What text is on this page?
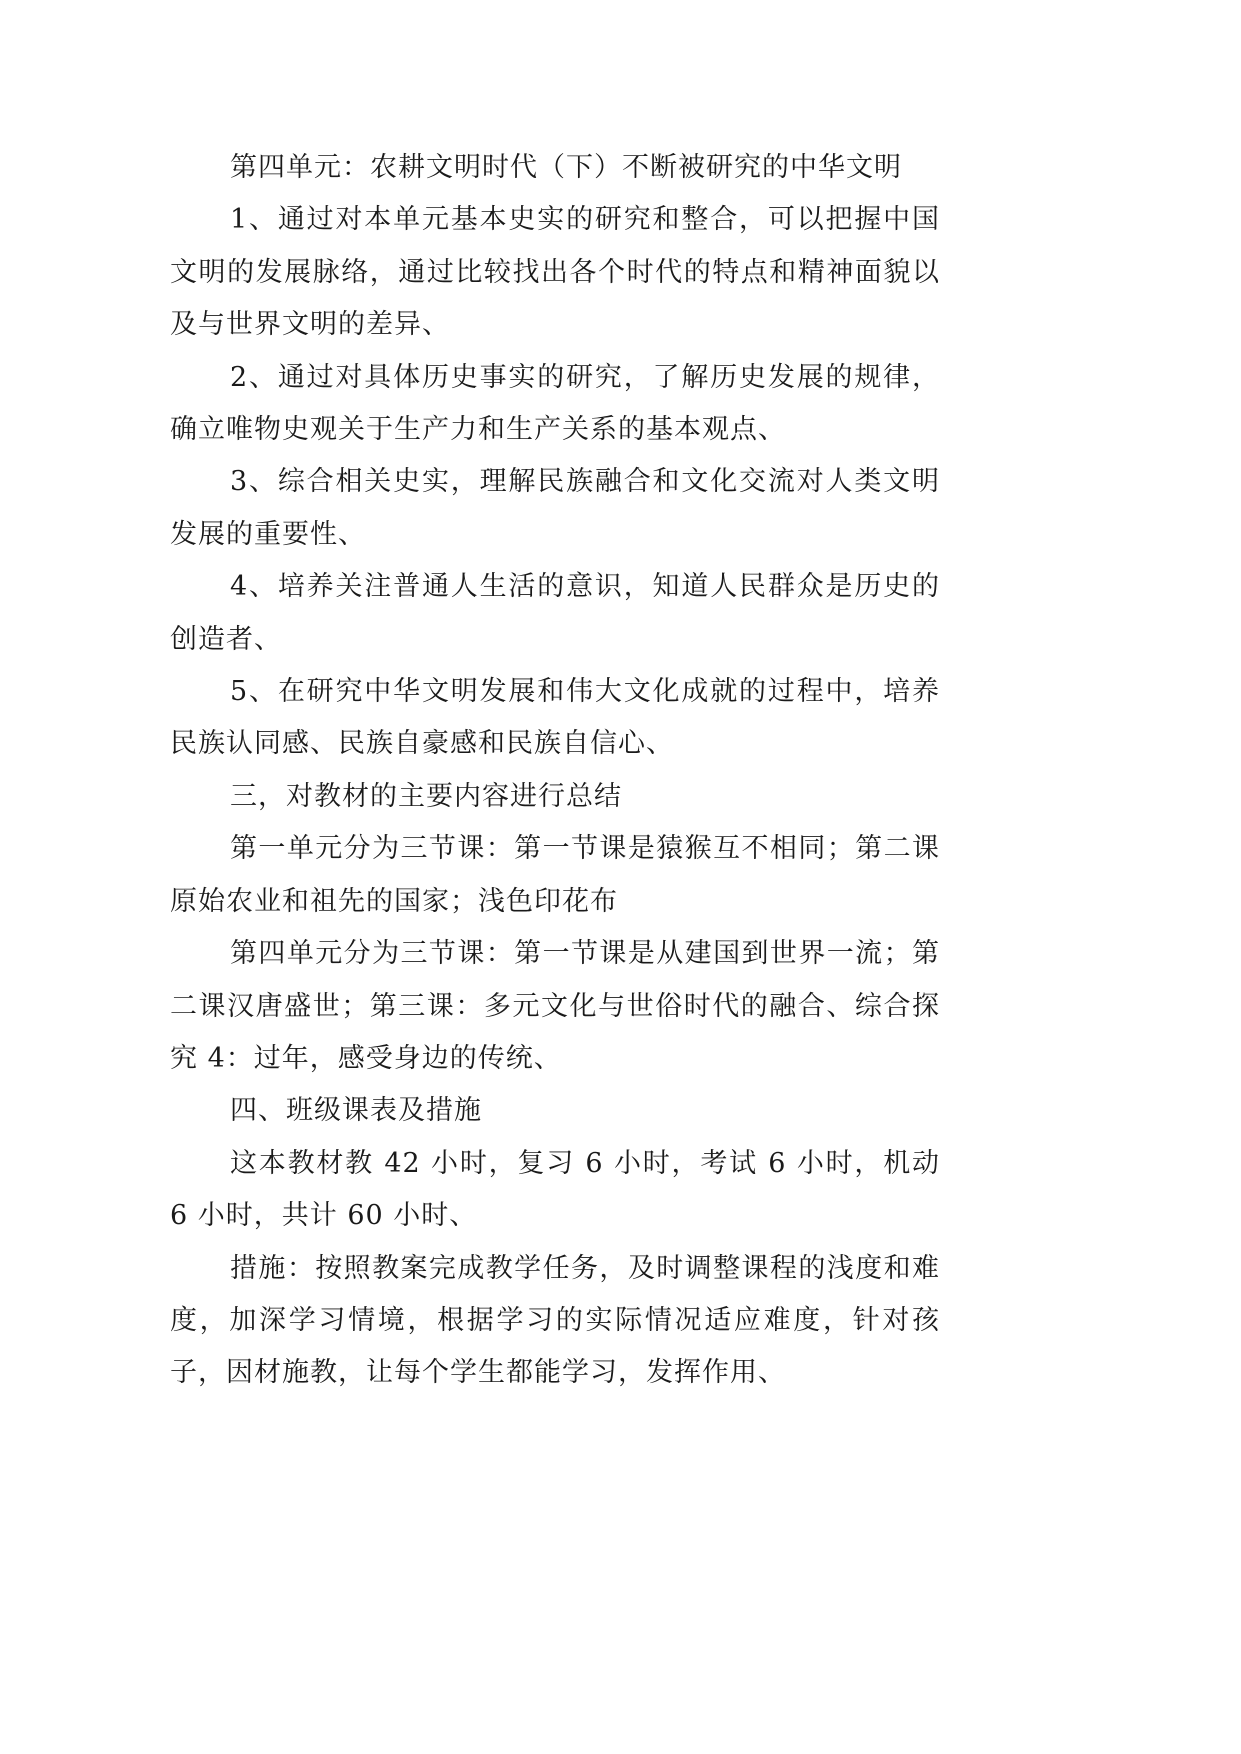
第四单元：农耕文明时代（下）不断被研究的中华文明

1、通过对本单元基本史实的研究和整合，可以把握中国文明的发展脉络，通过比较找出各个时代的特点和精神面貌以及与世界文明的差异、

2、通过对具体历史事实的研究，了解历史发展的规律，确立唯物史观关于生产力和生产关系的基本观点、

3、综合相关史实，理解民族融合和文化交流对人类文明发展的重要性、

4、培养关注普通人生活的意识，知道人民群众是历史的创造者、

5、在研究中华文明发展和伟大文化成就的过程中，培养民族认同感、民族自豪感和民族自信心、

三，对教材的主要内容进行总结

第一单元分为三节课：第一节课是猿猴互不相同；第二课原始农业和祖先的国家；浅色印花布

第四单元分为三节课：第一节课是从建国到世界一流；第二课汉唐盛世；第三课：多元文化与世俗时代的融合、综合探究 4：过年，感受身边的传统、

四、班级课表及措施

这本教材教 42 小时，复习 6 小时，考试 6 小时，机动 6 小时，共计 60 小时、

措施：按照教案完成教学任务，及时调整课程的浅度和难度，加深学习情境，根据学习的实际情况适应难度，针对孩子，因材施教，让每个学生都能学习，发挥作用、
